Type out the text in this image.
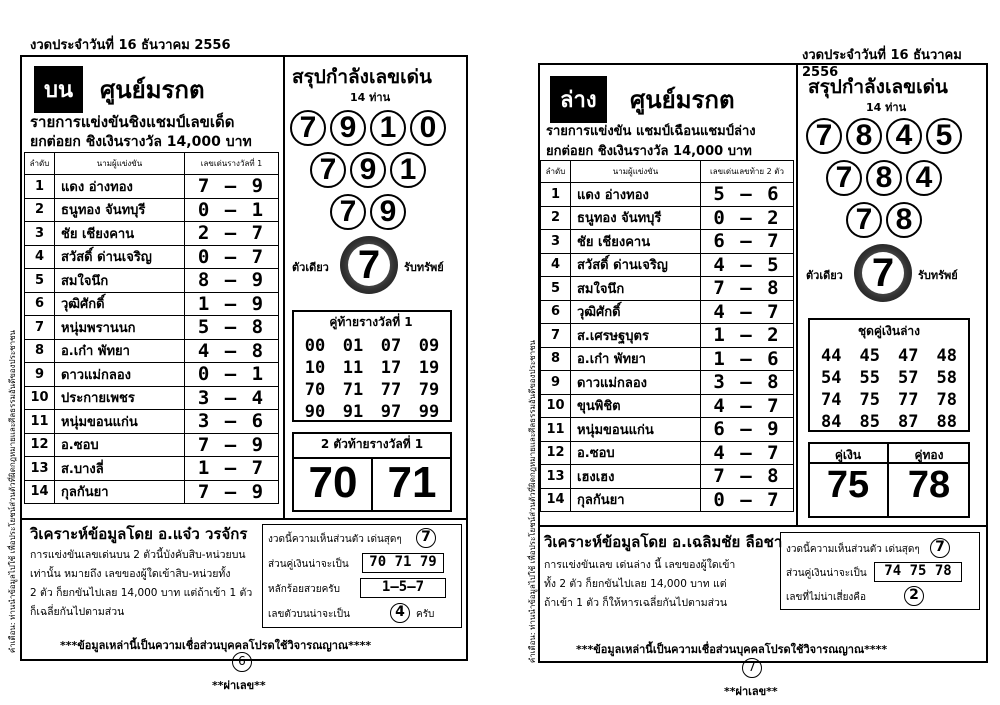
งวดประจำวันที่ 16 ธันวาคม 2556
คำเตือน: ท่านนำข้อมูลไปใช้ เพื่อประโยชน์ส่วนตัวที่ผิดกฎหมายและศีลธรรมอันดีของประชาชน
บน	ศูนย์มรกต
รายการแข่งขันชิงแชมป์เลขเด็ด
ยกต่อยก ชิงเงินรางวัล 14,000 บาท
ลำดับ	นามผู้แข่งขัน	เลขเด่นรางวัลที่ 1
1	แดง อ่างทอง	7 – 9
2	ธนูทอง จันทบุรี	0 – 1
3	ชัย เชียงคาน	2 – 7
4	สวัสดิ์ ด่านเจริญ	0 – 7
5	สมใจนึก	8 – 9
6	วุฒิศักดิ์	1 – 9
7	หนุ่มพรานนก	5 – 8
8	อ.เก๋า พัทยา	4 – 8
9	ดาวแม่กลอง	0 – 1
10	ประกายเพชร	3 – 4
11	หนุ่มขอนแก่น	3 – 6
12	อ.ซอบ	7 – 9
13	ส.บางลี่	1 – 7
14	กุลกันยา	7 – 9
สรุปกำลังเลขเด่น
14 ท่าน
7 9 1 0
7 9 1
7 9
ตัวเดียว 7	รับทรัพย์
คู่ท้ายรางวัลที่ 1
00	01	07	09
10	11	17	19
70	71	77	79
90	91	97	99
2 ตัวท้ายรางวัลที่ 1
70 71
วิเคราะห์ข้อมูลโดย อ.แจ๋ว วรจักร
การแข่งขันเลขเด่นบน 2 ตัวนี้บังคับสิบ-หน่วยบน
เท่านั้น หมายถึง เลขของผู้ใดเข้าสิบ-หน่วยทั้ง
2 ตัว ก็ยกขันไปเลย 14,000 บาท แต่ถ้าเข้า 1 ตัว
ก็เฉลี่ยกันไปตามส่วน
งวดนี้ความเห็นส่วนตัว เด่นสุดๆ	7
ส่วนคู่เงินน่าจะเป็น	70 71 79
หลักร้อยสวยครับ	1–5–7
เลขตัวบนน่าจะเป็น	4	ครับ
***ข้อมูลเหล่านี้เป็นความเชื่อส่วนบุคคลโปรดใช้วิจารณญาณ****
6
**ผ่าเลข**
งวดประจำวันที่ 16 ธันวาคม 2556
คำเตือน: ท่านนำข้อมูลไปใช้ เพื่อประโยชน์ส่วนตัวที่ผิดกฎหมายและศีลธรรมอันดีของประชาชน
ล่าง	ศูนย์มรกต
รายการแข่งขัน แชมป์เฉือนแชมป์ล่าง
ยกต่อยก ชิงเงินรางวัล 14,000 บาท
ลำดับ	นามผู้แข่งขัน	เลขเด่นเลขท้าย 2 ตัว
1	แดง อ่างทอง	5 – 6
2	ธนูทอง จันทบุรี	0 – 2
3	ชัย เชียงคาน	6 – 7
4	สวัสดิ์ ด่านเจริญ	4 – 5
5	สมใจนึก	7 – 8
6	วุฒิศักดิ์	4 – 7
7	ส.เศรษฐบุตร	1 – 2
8	อ.เก๋า พัทยา	1 – 6
9	ดาวแม่กลอง	3 – 8
10	ขุนพิชิต	4 – 7
11	หนุ่มขอนแก่น	6 – 9
12	อ.ซอบ	4 – 7
13	เฮงเฮง	7 – 8
14	กุลกันยา	0 – 7
สรุปกำลังเลขเด่น
14 ท่าน
7 8 4 5
7 8 4
7 8
ตัวเดียว 7	รับทรัพย์
ชุดคู่เงินล่าง
44	45	47	48
54	55	57	58
74	75	77	78
84	85	87	88
คู่เงิน	คู่ทอง
75	78
วิเคราะห์ข้อมูลโดย อ.เฉลิมชัย ลือชา
การแข่งขันเลข เด่นล่าง นี้ เลขของผู้ใดเข้า
ทั้ง 2 ตัว ก็ยกขันไปเลย 14,000 บาท แต่
ถ้าเข้า 1 ตัว ก็ให้หารเฉลี่ยกันไปตามส่วน
งวดนี้ความเห็นส่วนตัว เด่นสุดๆ	7
ส่วนคู่เงินน่าจะเป็น	74 75 78
เลขที่ไม่น่าเสี่ยงคือ	2
***ข้อมูลเหล่านี้เป็นความเชื่อส่วนบุคคลโปรดใช้วิจารณญาณ****
7
**ผ่าเลข**
